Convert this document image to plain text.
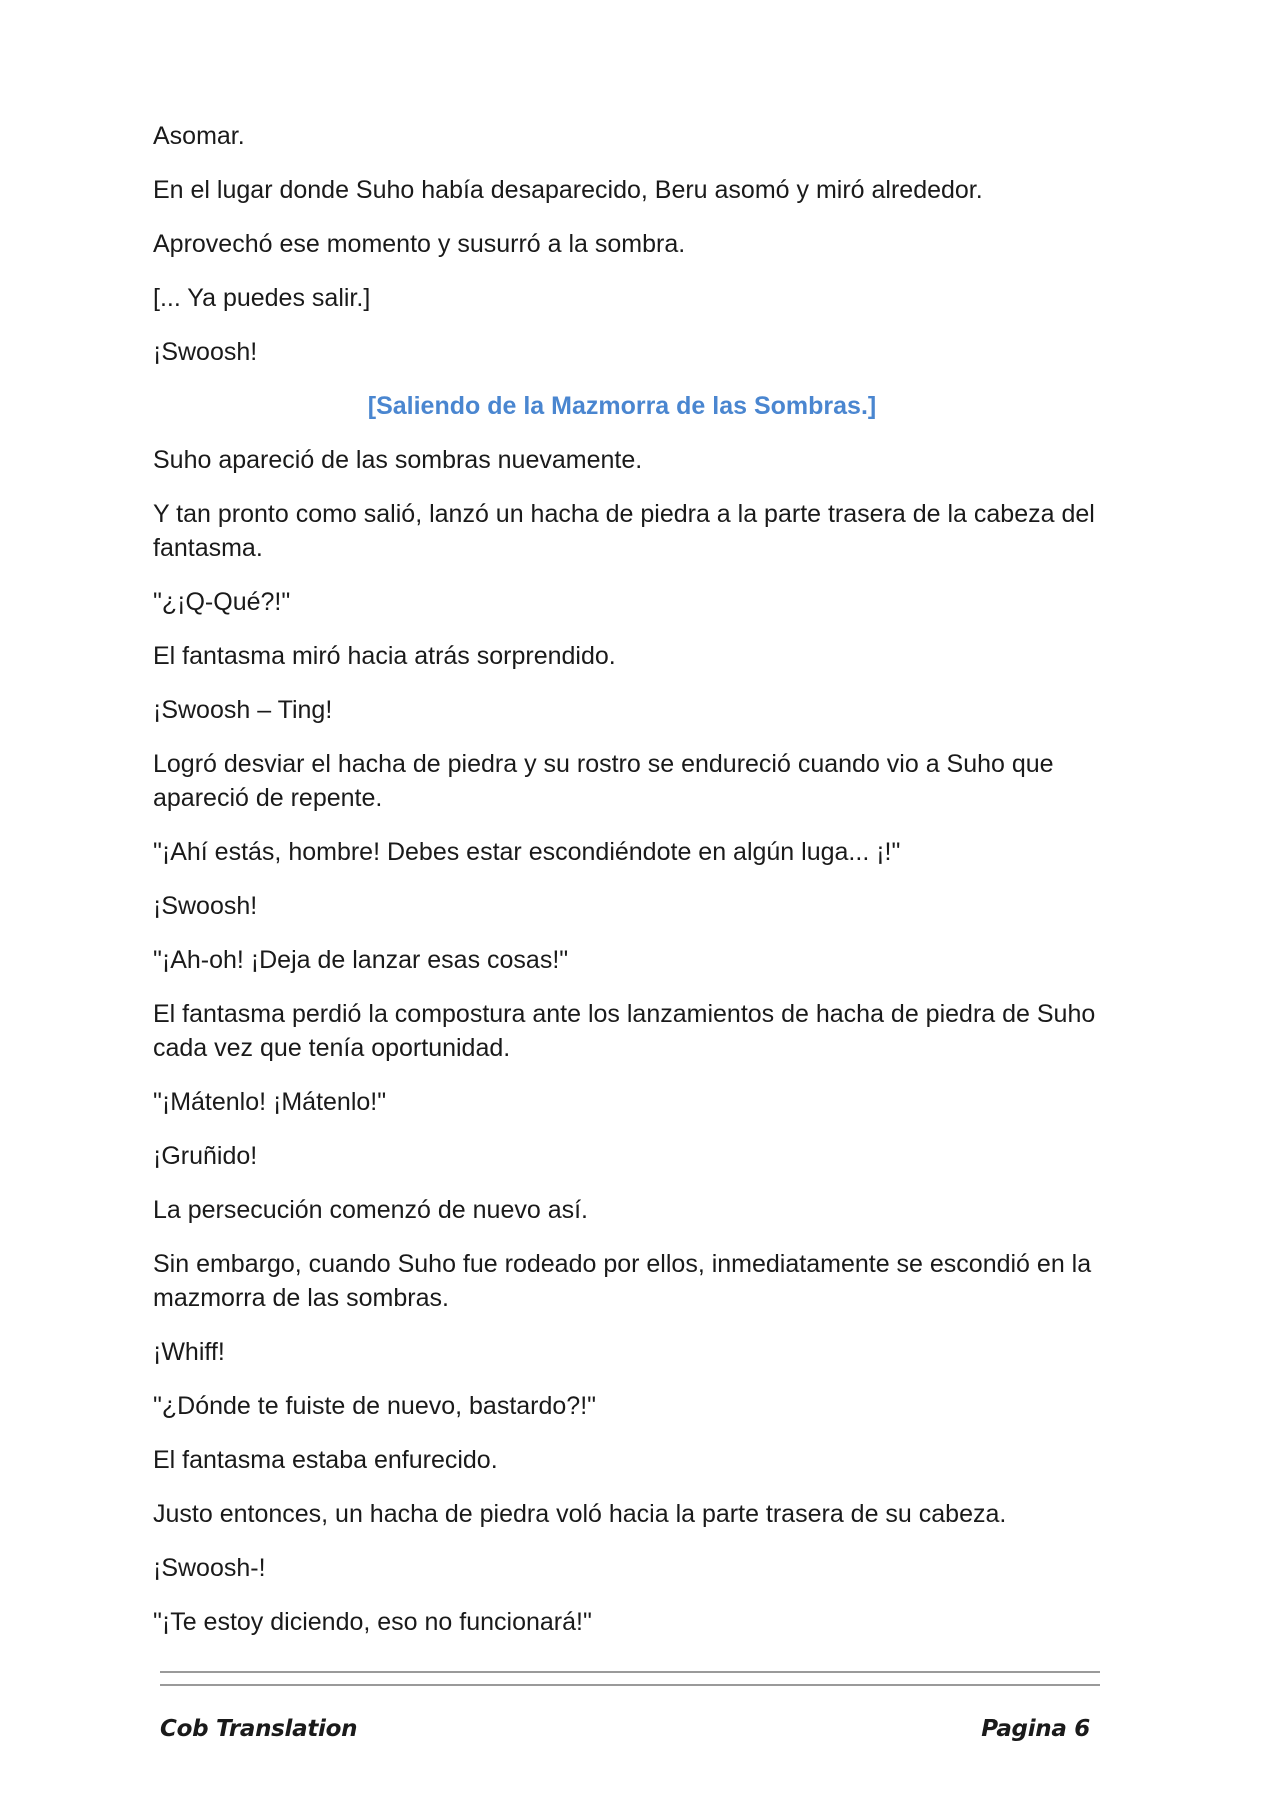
Asomar.

En el lugar donde Suho había desaparecido, Beru asomó y miró alrededor.

Aprovechó ese momento y susurró a la sombra.

[... Ya puedes salir.]

¡Swoosh!

[Saliendo de la Mazmorra de las Sombras.]

Suho apareció de las sombras nuevamente.

Y tan pronto como salió, lanzó un hacha de piedra a la parte trasera de la cabeza del fantasma.

"¿¡Q-Qué?!"

El fantasma miró hacia atrás sorprendido.

¡Swoosh – Ting!

Logró desviar el hacha de piedra y su rostro se endureció cuando vio a Suho que apareció de repente.

"¡Ahí estás, hombre! Debes estar escondiéndote en algún luga... ¡!"

¡Swoosh!

"¡Ah-oh! ¡Deja de lanzar esas cosas!"

El fantasma perdió la compostura ante los lanzamientos de hacha de piedra de Suho cada vez que tenía oportunidad.

"¡Mátenlo! ¡Mátenlo!"

¡Gruñido!

La persecución comenzó de nuevo así.

Sin embargo, cuando Suho fue rodeado por ellos, inmediatamente se escondió en la mazmorra de las sombras.

¡Whiff!

"¿Dónde te fuiste de nuevo, bastardo?!"

El fantasma estaba enfurecido.

Justo entonces, un hacha de piedra voló hacia la parte trasera de su cabeza.

¡Swoosh-!

"¡Te estoy diciendo, eso no funcionará!"

Cob Translation	Pagina 6
